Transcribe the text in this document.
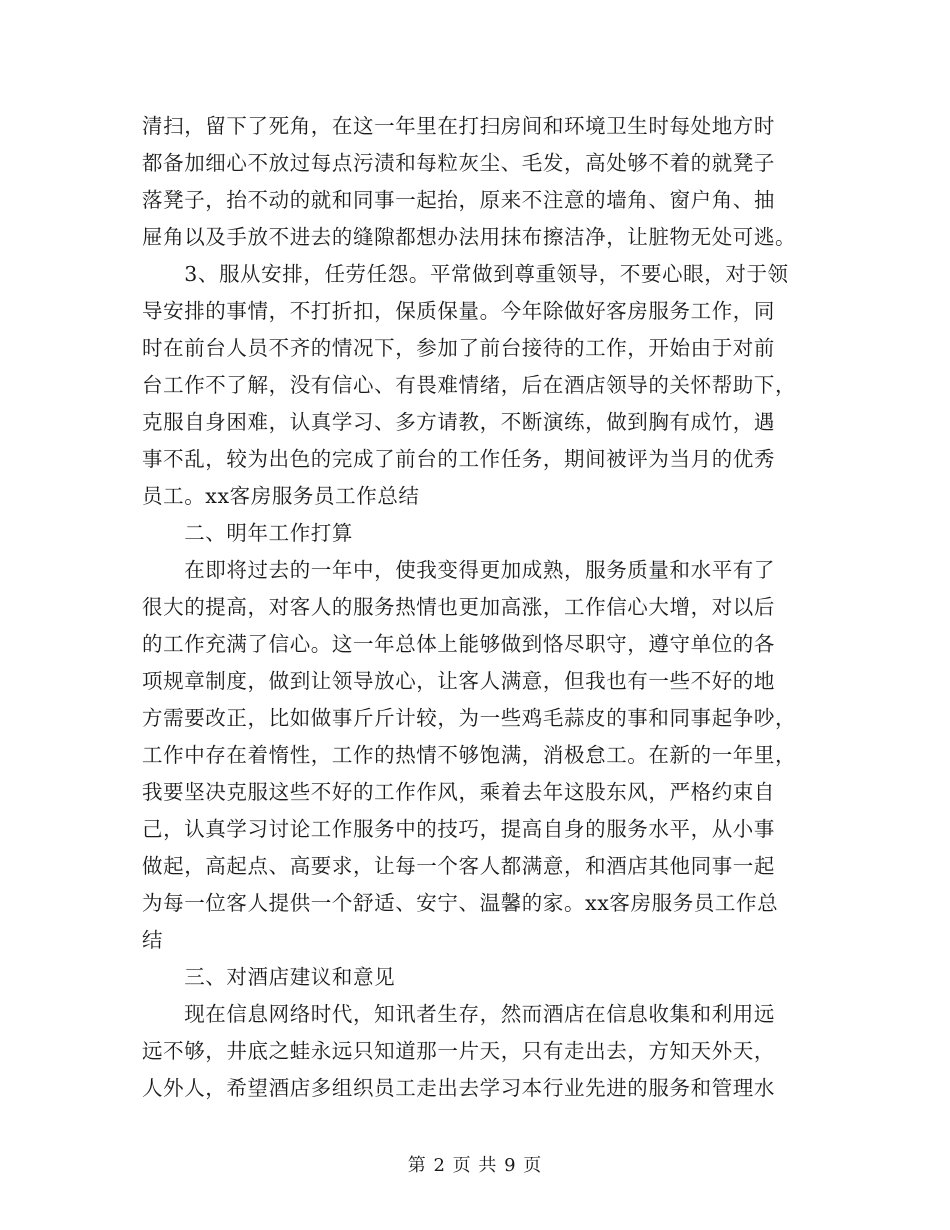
清扫，留下了死角，在这一年里在打扫房间和环境卫生时每处地方时
都备加细心不放过每点污渍和每粒灰尘、毛发，高处够不着的就凳子
落凳子，抬不动的就和同事一起抬，原来不注意的墙角、窗户角、抽
屉角以及手放不进去的缝隙都想办法用抹布擦洁净，让脏物无处可逃。
　　3、服从安排，任劳任怨。平常做到尊重领导，不要心眼，对于领
导安排的事情，不打折扣，保质保量。今年除做好客房服务工作，同
时在前台人员不齐的情况下，参加了前台接待的工作，开始由于对前
台工作不了解，没有信心、有畏难情绪，后在酒店领导的关怀帮助下，
克服自身困难，认真学习、多方请教，不断演练，做到胸有成竹，遇
事不乱，较为出色的完成了前台的工作任务，期间被评为当月的优秀
员工。xx客房服务员工作总结
　　二、明年工作打算
　　在即将过去的一年中，使我变得更加成熟，服务质量和水平有了
很大的提高，对客人的服务热情也更加高涨，工作信心大增，对以后
的工作充满了信心。这一年总体上能够做到恪尽职守，遵守单位的各
项规章制度，做到让领导放心，让客人满意，但我也有一些不好的地
方需要改正，比如做事斤斤计较，为一些鸡毛蒜皮的事和同事起争吵，
工作中存在着惰性，工作的热情不够饱满，消极怠工。在新的一年里，
我要坚决克服这些不好的工作作风，乘着去年这股东风，严格约束自
己，认真学习讨论工作服务中的技巧，提高自身的服务水平，从小事
做起，高起点、高要求，让每一个客人都满意，和酒店其他同事一起
为每一位客人提供一个舒适、安宁、温馨的家。xx客房服务员工作总
结
　　三、对酒店建议和意见
　　现在信息网络时代，知讯者生存，然而酒店在信息收集和利用远
远不够，井底之蛙永远只知道那一片天，只有走出去，方知天外天，
人外人，希望酒店多组织员工走出去学习本行业先进的服务和管理水
第 2 页 共 9 页
